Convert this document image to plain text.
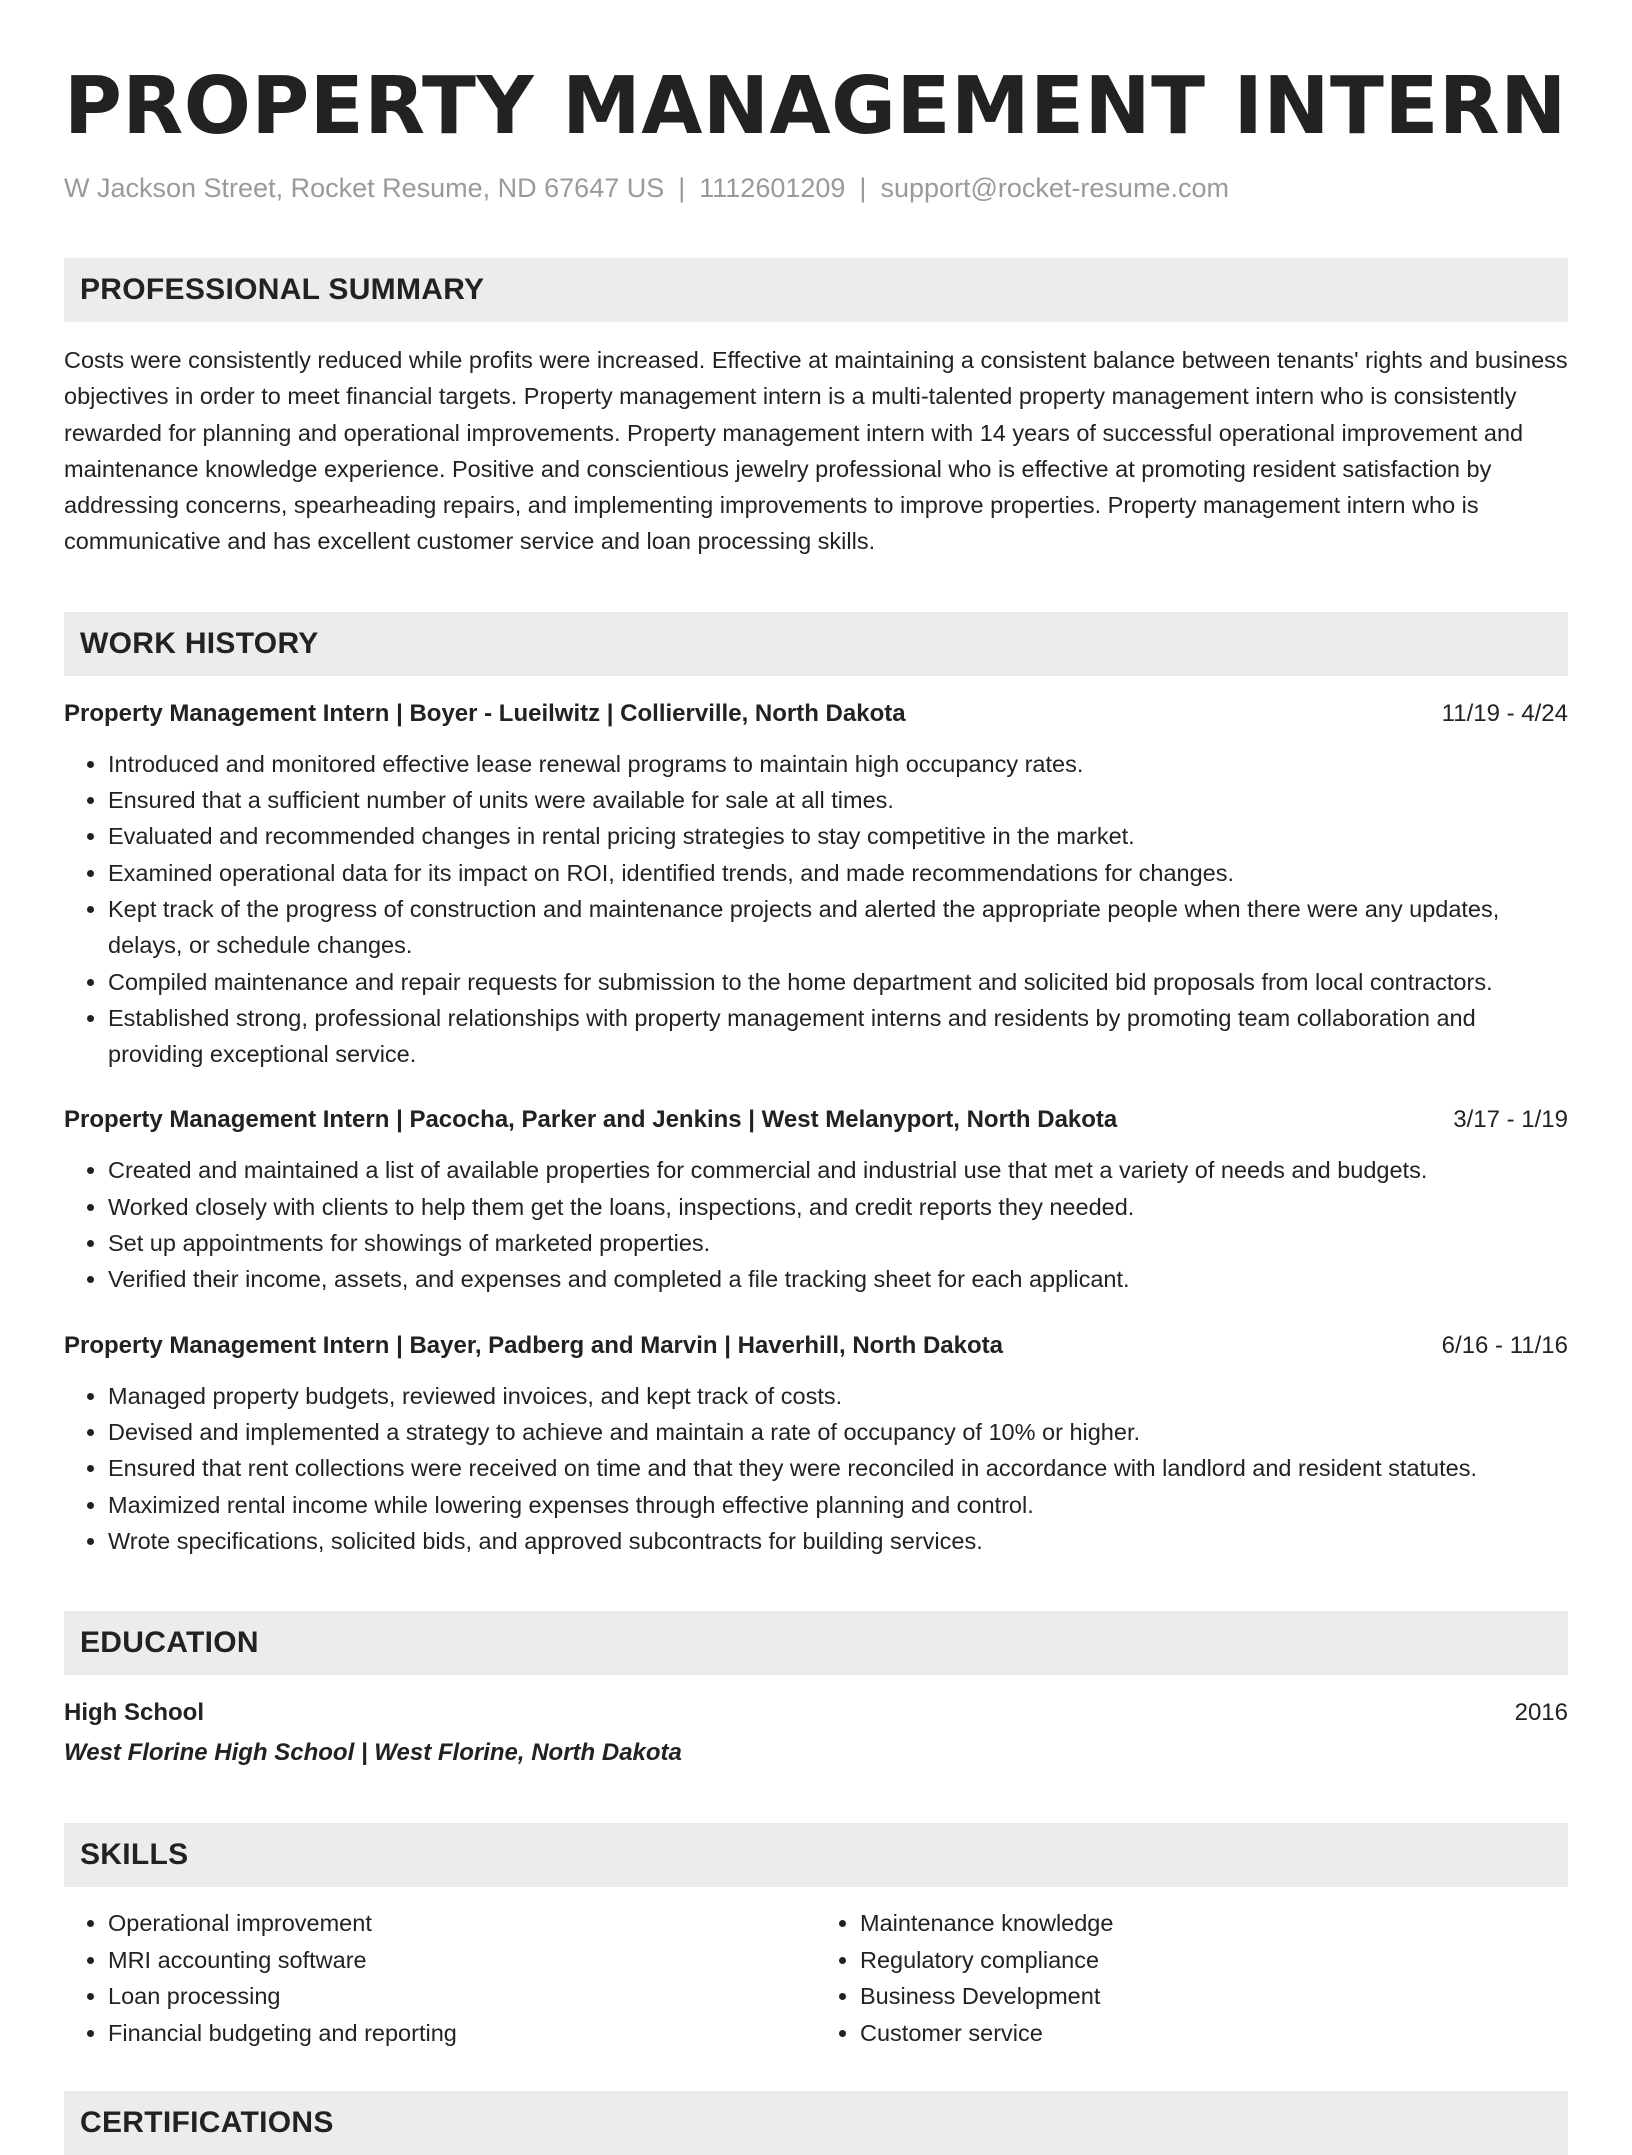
PROPERTY MANAGEMENT INTERN
W Jackson Street, Rocket Resume, ND 67647 US | 1112601209 | support@rocket-resume.com
PROFESSIONAL SUMMARY

Costs were consistently reduced while profits were increased. Effective at maintaining a consistent balance between tenants' rights and business objectives in order to meet financial targets. Property management intern is a multi-talented property management intern who is consistently rewarded for planning and operational improvements. Property management intern with 14 years of successful operational improvement and maintenance knowledge experience. Positive and conscientious jewelry professional who is effective at promoting resident satisfaction by addressing concerns, spearheading repairs, and implementing improvements to improve properties. Property management intern who is communicative and has excellent customer service and loan processing skills.

WORK HISTORY
Property Management Intern | Boyer - Lueilwitz | Collierville, North Dakota	11/19 - 4/24
• Introduced and monitored effective lease renewal programs to maintain high occupancy rates.
• Ensured that a sufficient number of units were available for sale at all times.
• Evaluated and recommended changes in rental pricing strategies to stay competitive in the market.
• Examined operational data for its impact on ROI, identified trends, and made recommendations for changes.
• Kept track of the progress of construction and maintenance projects and alerted the appropriate people when there were any updates, delays, or schedule changes.
• Compiled maintenance and repair requests for submission to the home department and solicited bid proposals from local contractors.
• Established strong, professional relationships with property management interns and residents by promoting team collaboration and providing exceptional service.
Property Management Intern | Pacocha, Parker and Jenkins | West Melanyport, North Dakota	3/17 - 1/19
• Created and maintained a list of available properties for commercial and industrial use that met a variety of needs and budgets.
• Worked closely with clients to help them get the loans, inspections, and credit reports they needed.
• Set up appointments for showings of marketed properties.
• Verified their income, assets, and expenses and completed a file tracking sheet for each applicant.
Property Management Intern | Bayer, Padberg and Marvin | Haverhill, North Dakota	6/16 - 11/16
• Managed property budgets, reviewed invoices, and kept track of costs.
• Devised and implemented a strategy to achieve and maintain a rate of occupancy of 10% or higher.
• Ensured that rent collections were received on time and that they were reconciled in accordance with landlord and resident statutes.
• Maximized rental income while lowering expenses through effective planning and control.
• Wrote specifications, solicited bids, and approved subcontracts for building services.
EDUCATION
High School	2016
West Florine High School | West Florine, North Dakota
SKILLS
• Operational improvement
• MRI accounting software
• Loan processing
• Financial budgeting and reporting
• Maintenance knowledge
• Regulatory compliance
• Business Development
• Customer service
CERTIFICATIONS
